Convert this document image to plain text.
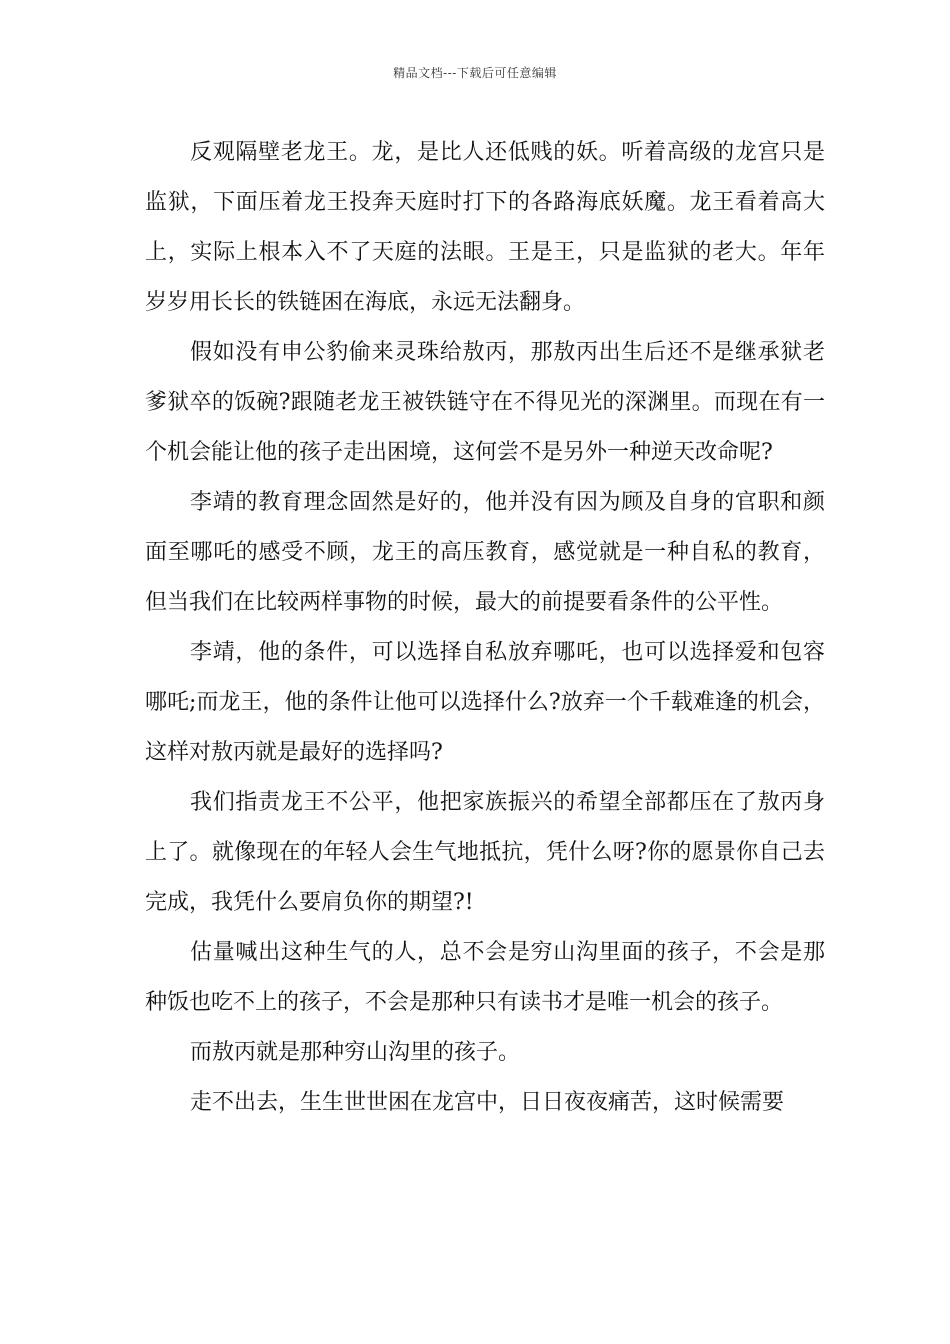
精品文档---下载后可任意编辑

反观隔壁老龙王。龙，是比人还低贱的妖。听着高级的龙宫只是监狱，下面压着龙王投奔天庭时打下的各路海底妖魔。龙王看着高大上，实际上根本入不了天庭的法眼。王是王，只是监狱的老大。年年岁岁用长长的铁链困在海底，永远无法翻身。

假如没有申公豹偷来灵珠给敖丙，那敖丙出生后还不是继承狱老爹狱卒的饭碗?跟随老龙王被铁链守在不得见光的深渊里。而现在有一个机会能让他的孩子走出困境，这何尝不是另外一种逆天改命呢?

李靖的教育理念固然是好的，他并没有因为顾及自身的官职和颜面至哪吒的感受不顾，龙王的高压教育，感觉就是一种自私的教育，但当我们在比较两样事物的时候，最大的前提要看条件的公平性。

李靖，他的条件，可以选择自私放弃哪吒，也可以选择爱和包容哪吒;而龙王，他的条件让他可以选择什么?放弃一个千载难逢的机会，这样对敖丙就是最好的选择吗?

我们指责龙王不公平，他把家族振兴的希望全部都压在了敖丙身上了。就像现在的年轻人会生气地抵抗，凭什么呀?你的愿景你自己去完成，我凭什么要肩负你的期望?!

估量喊出这种生气的人，总不会是穷山沟里面的孩子，不会是那种饭也吃不上的孩子，不会是那种只有读书才是唯一机会的孩子。

而敖丙就是那种穷山沟里的孩子。

走不出去，生生世世困在龙宫中，日日夜夜痛苦，这时候需要
